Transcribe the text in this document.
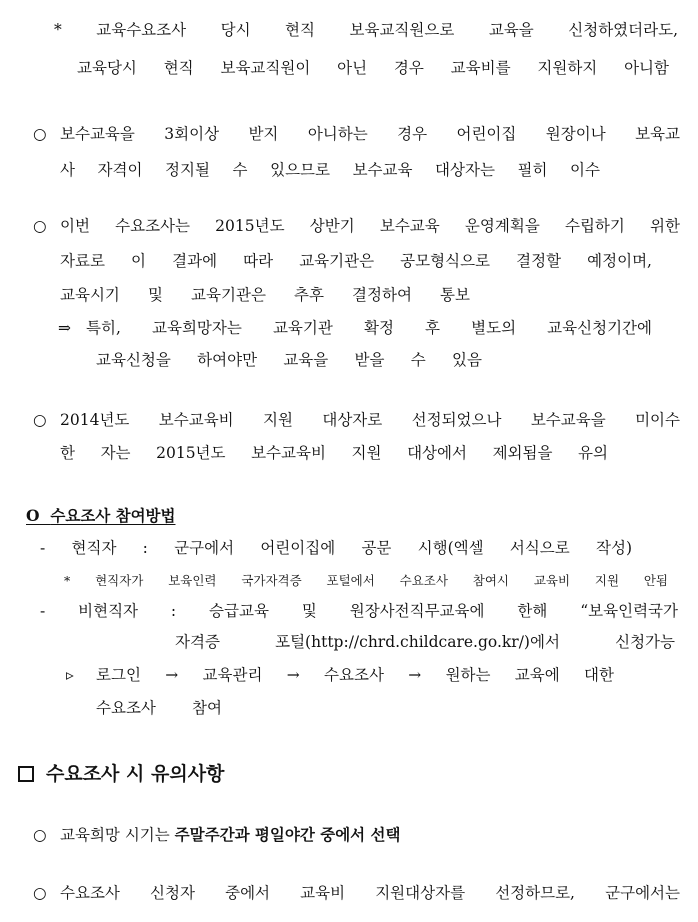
* 교육수요조사 당시 현직 보육교직원으로 교육을 신청하였더라도,
교육당시 현직 보육교직원이 아닌 경우 교육비를 지원하지 아니함
○ 보수교육을 3회이상 받지 아니하는 경우 어린이집 원장이나 보육교
사 자격이 정지될 수 있으므로 보수교육 대상자는 필히 이수
○ 이번 수요조사는 2015년도 상반기 보수교육 운영계획을 수립하기 위한
자료로 이 결과에 따라 교육기관은 공모형식으로 결정할 예정이며,
교육시기 및 교육기관은 추후 결정하여 통보
⇒ 특히, 교육희망자는 교육기관 확정 후 별도의 교육신청기간에
교육신청을 하여야만 교육을 받을 수 있음
○ 2014년도 보수교육비 지원 대상자로 선정되었으나 보수교육을 미이수
한 자는 2015년도 보수교육비 지원 대상에서 제외됨을 유의
O 수요조사 참여방법
- 현직자 : 군구에서 어린이집에 공문 시행(엑셀 서식으로 작성)
* 현직자가 보육인력 국가자격증 포털에서 수요조사 참여시 교육비 지원 안됨
- 비현직자 : 승급교육 및 원장사전직무교육에 한해 “보육인력국가
자격증 포털(http://chrd.childcare.go.kr/)에서 신청가능
▹ 로그인 → 교육관리 → 수요조사 → 원하는 교육에 대한
수요조사 참여
수요조사 시 유의사항
○ 교육희망 시기는 주말주간과 평일야간 중에서 선택
○ 수요조사 신청자 중에서 교육비 지원대상자를 선정하므로, 군구에서는
